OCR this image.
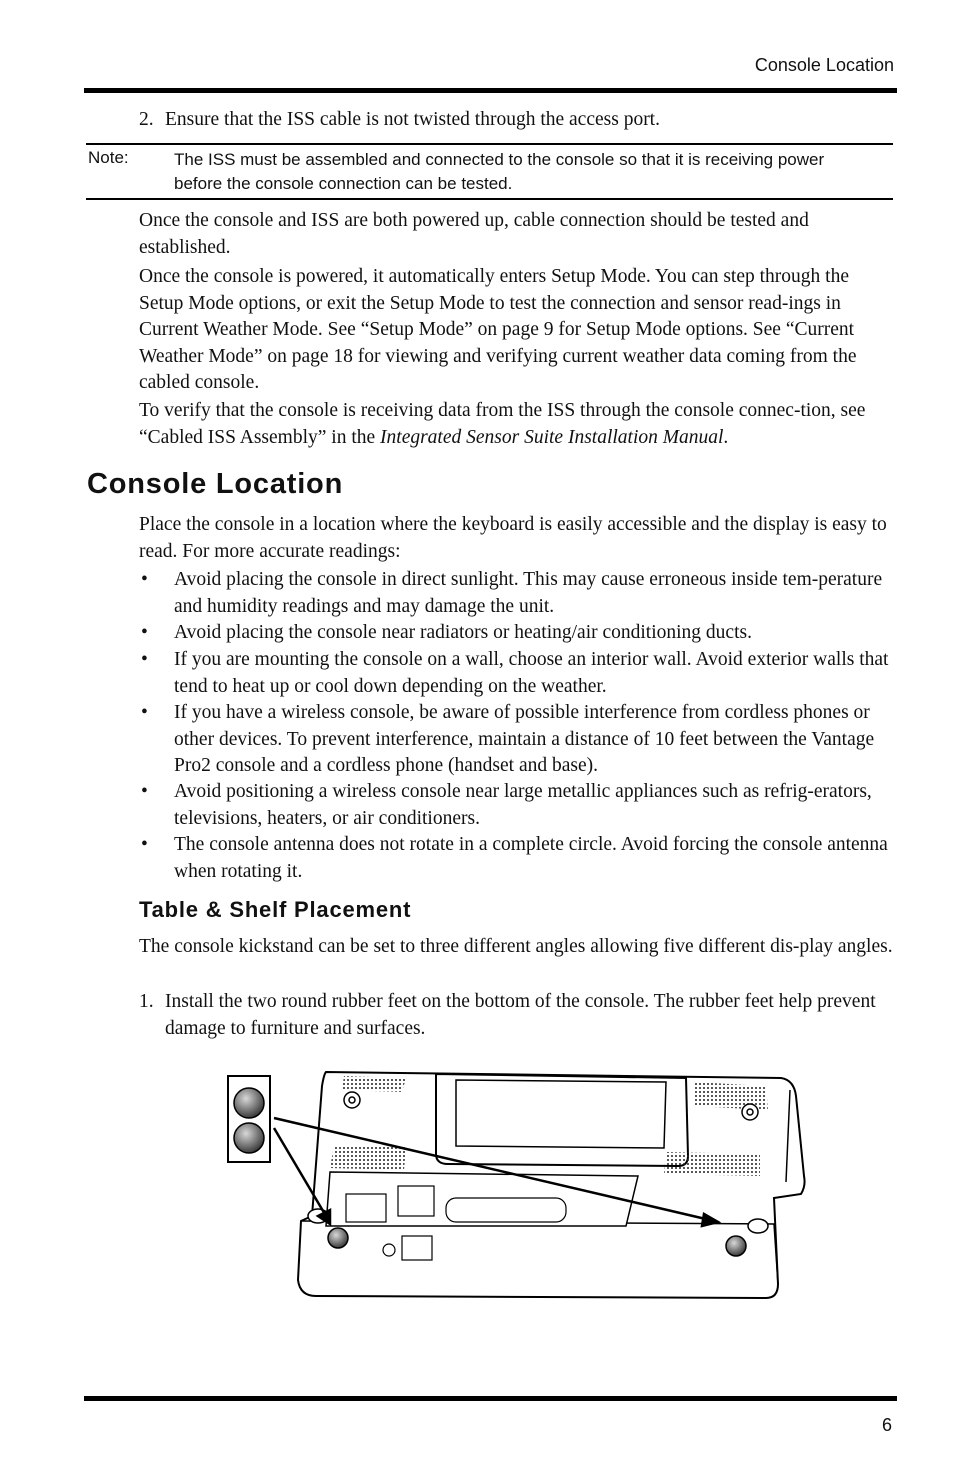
Console Location
2. Ensure that the ISS cable is not twisted through the access port.
Note:	The ISS must be assembled and connected to the console so that it is receiving power before the console connection can be tested.

Once the console and ISS are both powered up, cable connection should be tested and established.

Once the console is powered, it automatically enters Setup Mode. You can step through the Setup Mode options, or exit the Setup Mode to test the connection and sensor read-ings in Current Weather Mode. See “Setup Mode” on page 9 for Setup Mode options. See “Current Weather Mode” on page 18 for viewing and verifying current weather data coming from the cabled console.

To verify that the console is receiving data from the ISS through the console connec-tion, see “Cabled ISS Assembly” in the Integrated Sensor Suite Installation Manual.

Console Location

Place the console in a location where the keyboard is easily accessible and the display is easy to read. For more accurate readings:

• Avoid placing the console in direct sunlight. This may cause erroneous inside tem-perature and humidity readings and may damage the unit.
• Avoid placing the console near radiators or heating/air conditioning ducts.
• If you are mounting the console on a wall, choose an interior wall. Avoid exterior walls that tend to heat up or cool down depending on the weather.
• If you have a wireless console, be aware of possible interference from cordless phones or other devices. To prevent interference, maintain a distance of 10 feet between the Vantage Pro2 console and a cordless phone (handset and base).
• Avoid positioning a wireless console near large metallic appliances such as refrig-erators, televisions, heaters, or air conditioners.
• The console antenna does not rotate in a complete circle. Avoid forcing the console antenna when rotating it.
Table & Shelf Placement

The console kickstand can be set to three different angles allowing five different dis-play angles.

1. Install the two round rubber feet on the bottom of the console. The rubber feet help prevent damage to furniture and surfaces.
6
